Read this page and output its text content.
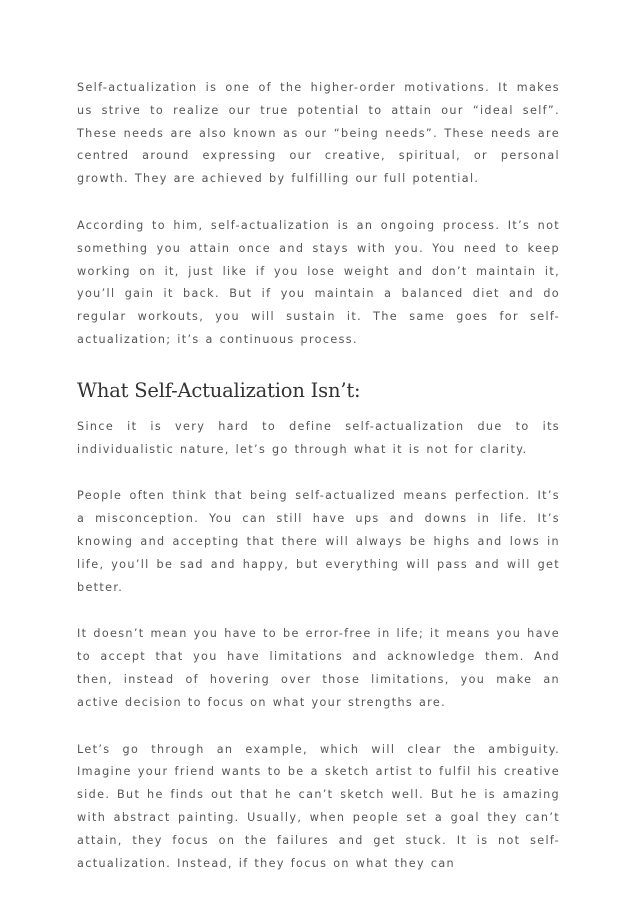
Self-actualization is one of the higher-order motivations. It makes us strive to realize our true potential to attain our “ideal self”. These needs are also known as our “being needs”. These needs are centred around expressing our creative, spiritual, or personal growth. They are achieved by fulfilling our full potential.

According to him, self-actualization is an ongoing process. It’s not something you attain once and stays with you. You need to keep working on it, just like if you lose weight and don’t maintain it, you’ll gain it back. But if you maintain a balanced diet and do regular workouts, you will sustain it. The same goes for self-actualization; it’s a continuous process.

What Self-Actualization Isn’t:

Since it is very hard to define self-actualization due to its individualistic nature, let’s go through what it is not for clarity.

People often think that being self-actualized means perfection. It’s a misconception. You can still have ups and downs in life. It’s knowing and accepting that there will always be highs and lows in life, you’ll be sad and happy, but everything will pass and will get better.

It doesn’t mean you have to be error-free in life; it means you have to accept that you have limitations and acknowledge them. And then, instead of hovering over those limitations, you make an active decision to focus on what your strengths are.

Let’s go through an example, which will clear the ambiguity. Imagine your friend wants to be a sketch artist to fulfil his creative side. But he finds out that he can’t sketch well. But he is amazing with abstract painting. Usually, when people set a goal they can’t attain, they focus on the failures and get stuck. It is not self-actualization. Instead, if they focus on what they can
